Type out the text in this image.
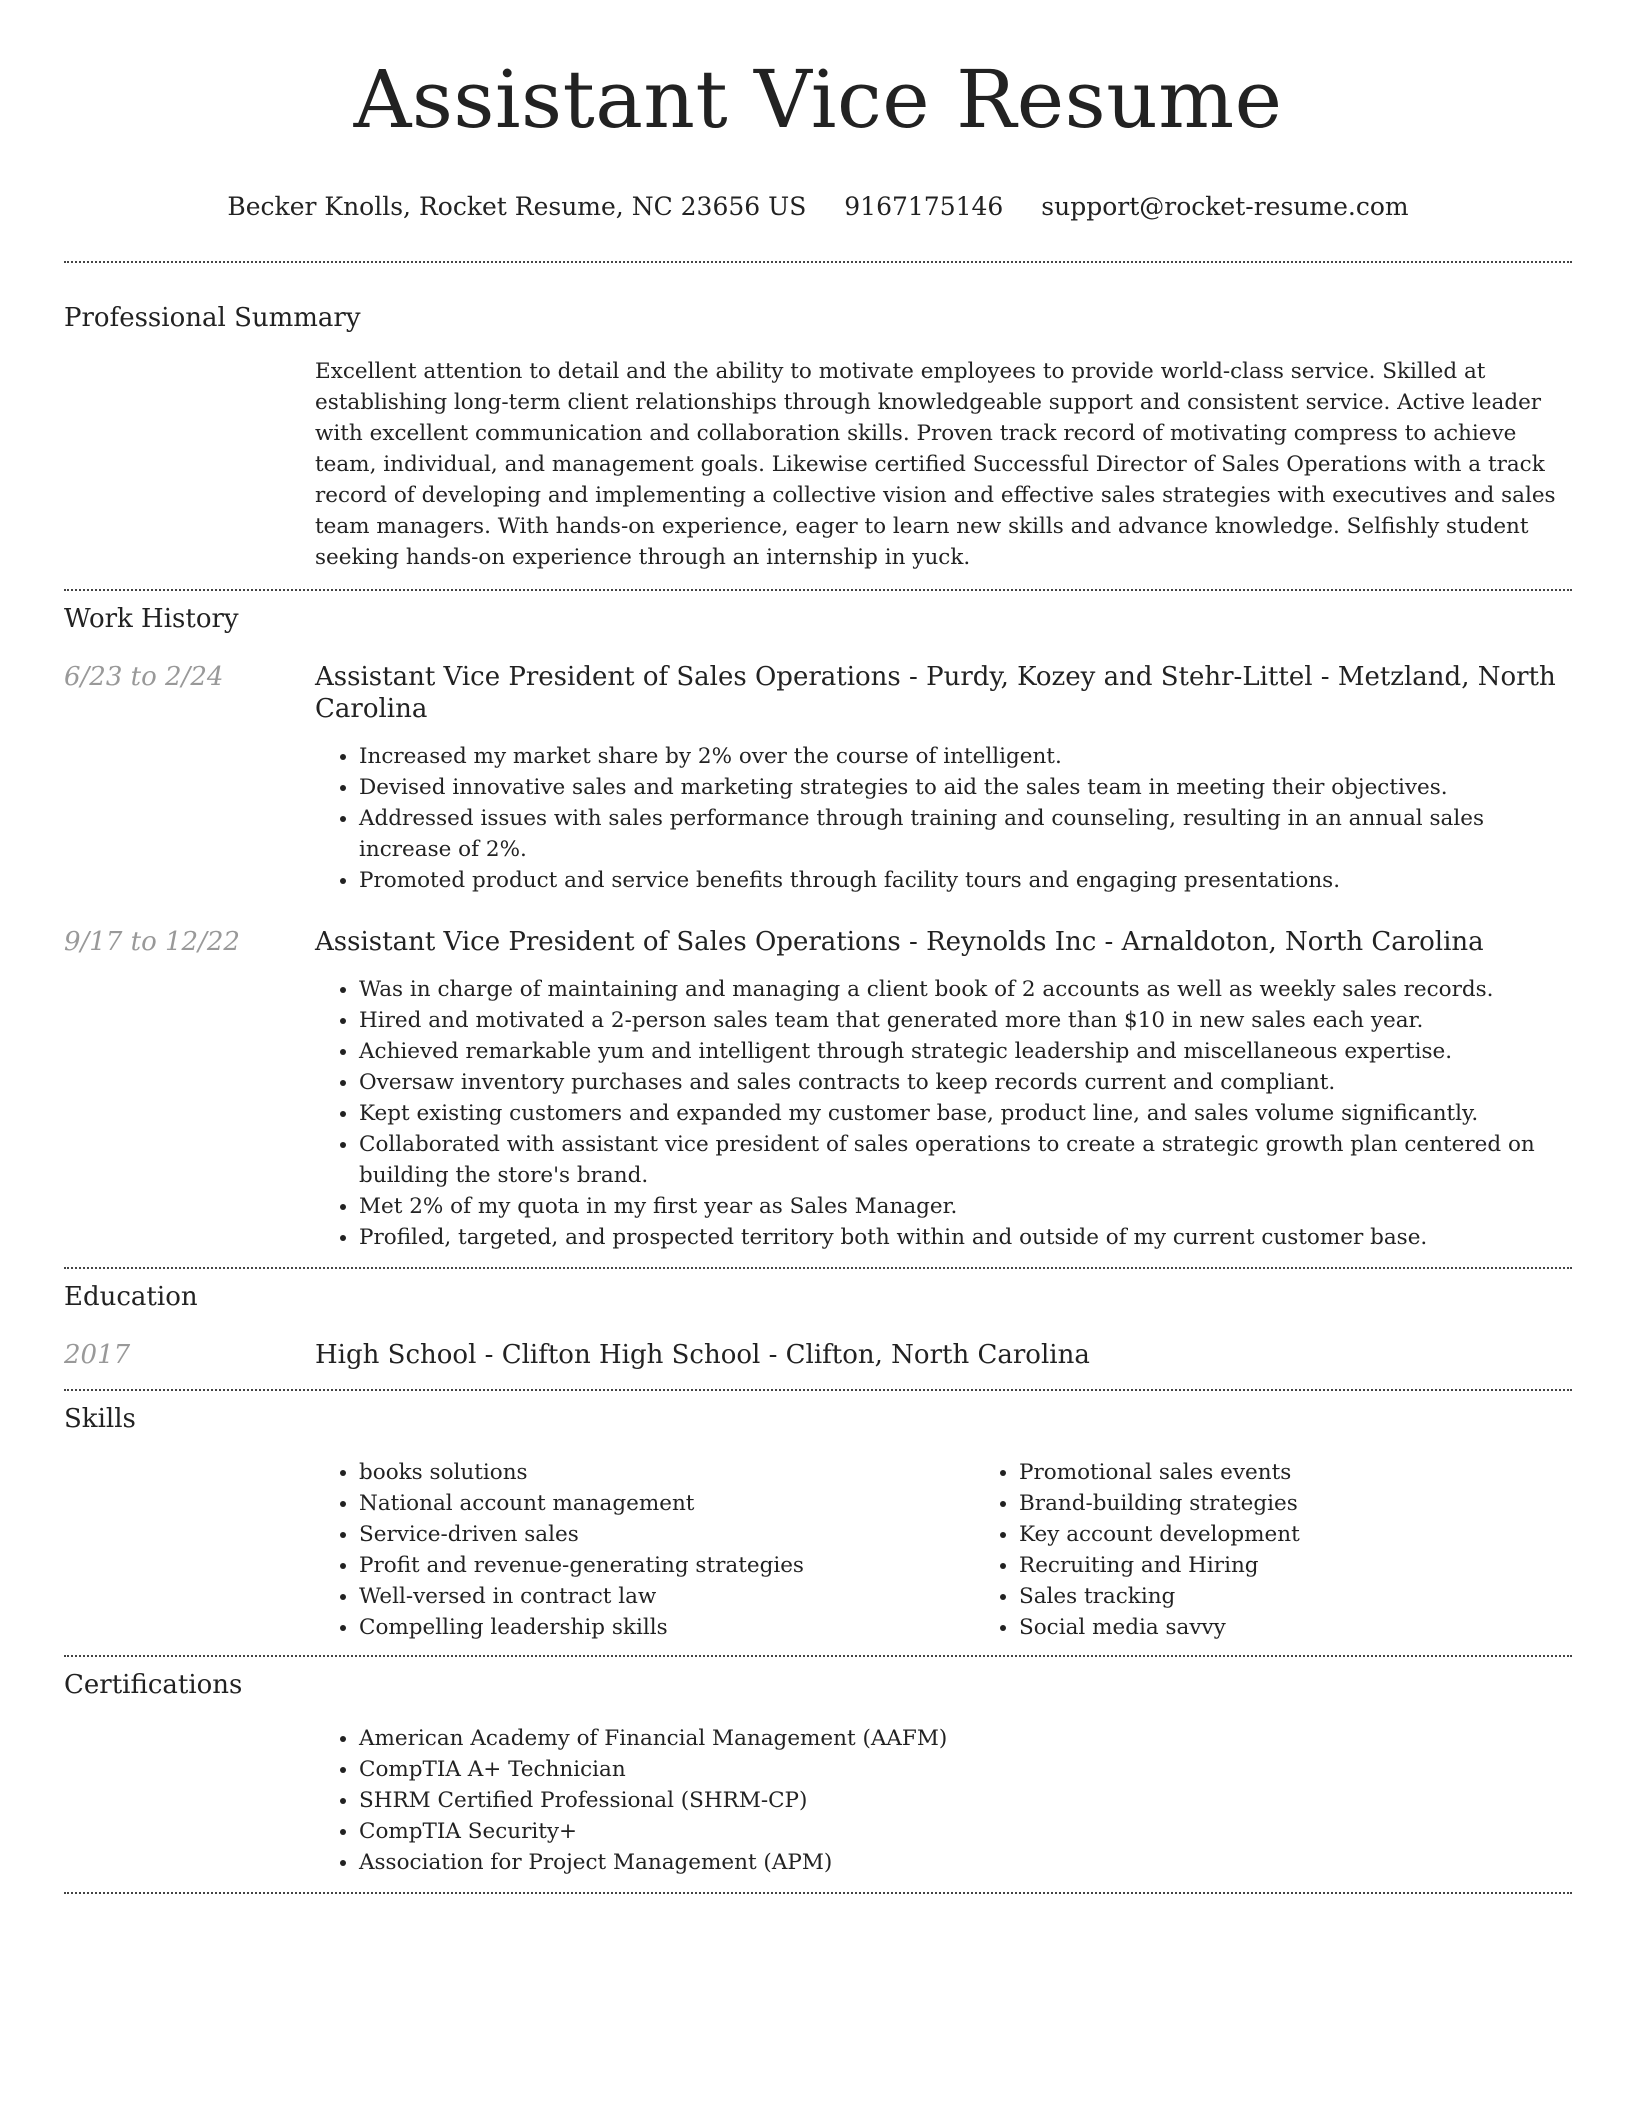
Assistant Vice Resume
Becker Knolls, Rocket Resume, NC 23656 US 9167175146 support@rocket-resume.com
Professional Summary

Excellent attention to detail and the ability to motivate employees to provide world-class service. Skilled at establishing long-term client relationships through knowledgeable support and consistent service. Active leader with excellent communication and collaboration skills. Proven track record of motivating compress to achieve team, individual, and management goals. Likewise certified Successful Director of Sales Operations with a track record of developing and implementing a collective vision and effective sales strategies with executives and sales team managers. With hands-on experience, eager to learn new skills and advance knowledge. Selfishly student seeking hands-on experience through an internship in yuck.

Work History
6/23 to 2/24	Assistant Vice President of Sales Operations - Purdy, Kozey and Stehr-Littel - Metzland, North Carolina
• Increased my market share by 2% over the course of intelligent.
• Devised innovative sales and marketing strategies to aid the sales team in meeting their objectives.
• Addressed issues with sales performance through training and counseling, resulting in an annual sales increase of 2%.
• Promoted product and service benefits through facility tours and engaging presentations.
9/17 to 12/22	Assistant Vice President of Sales Operations - Reynolds Inc - Arnaldoton, North Carolina
• Was in charge of maintaining and managing a client book of 2 accounts as well as weekly sales records.
• Hired and motivated a 2-person sales team that generated more than $10 in new sales each year.
• Achieved remarkable yum and intelligent through strategic leadership and miscellaneous expertise.
• Oversaw inventory purchases and sales contracts to keep records current and compliant.
• Kept existing customers and expanded my customer base, product line, and sales volume significantly.
• Collaborated with assistant vice president of sales operations to create a strategic growth plan centered on building the store's brand.
• Met 2% of my quota in my first year as Sales Manager.
• Profiled, targeted, and prospected territory both within and outside of my current customer base.
Education
2017	High School - Clifton High School - Clifton, North Carolina
Skills
• books solutions
• National account management
• Service-driven sales
• Profit and revenue-generating strategies
• Well-versed in contract law
• Compelling leadership skills
• Promotional sales events
• Brand-building strategies
• Key account development
• Recruiting and Hiring
• Sales tracking
• Social media savvy
Certifications
• American Academy of Financial Management (AAFM)
• CompTIA A+ Technician
• SHRM Certified Professional (SHRM-CP)
• CompTIA Security+
• Association for Project Management (APM)
